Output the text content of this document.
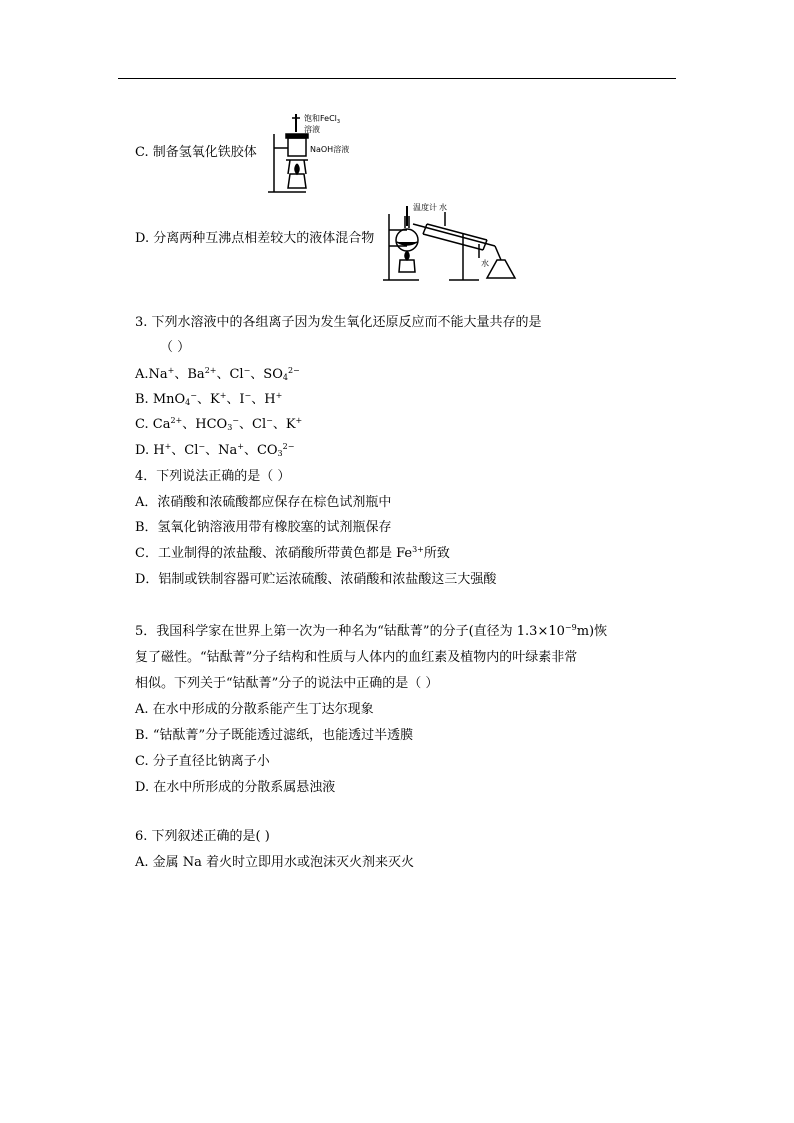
C. 制备氢氧化铁胶体
饱和FeCl$_3$
溶液
NaOH溶液
D. 分离两种互沸点相差较大的液体混合物
温度计 水
水
3. 下列水溶液中的各组离子因为发生氧化还原反应而不能大量共存的是
（ ）
A.Na+、$Ba^{2+}$、Cl−、$SO_4^{2-}$
B. MnO$_4$−、K+、I−、H+
C. $Ca^{2+}$、$HCO_3^-$、Cl−、K+
D. H+、Cl−、Na+、$CO_3^{2-}$
4．下列说法正确的是（ ）
A．浓硝酸和浓硫酸都应保存在棕色试剂瓶中
B．氢氧化钠溶液用带有橡胶塞的试剂瓶保存
C．工业制得的浓盐酸、浓硝酸所带黄色都是 $Fe^{3+}$所致
D．铝制或铁制容器可贮运浓硫酸、浓硝酸和浓盐酸这三大强酸
5．我国科学家在世界上第一次为一种名为“钴酞菁”的分子(直径为 $1.3\times 10^{-9}m$)恢
复了磁性。“钴酞菁”分子结构和性质与人体内的血红素及植物内的叶绿素非常
相似。下列关于“钴酞菁”分子的说法中正确的是（ ）
A. 在水中形成的分散系能产生丁达尔现象
B. “钴酞菁”分子既能透过滤纸，也能透过半透膜
C. 分子直径比钠离子小
D. 在水中所形成的分散系属悬浊液
6. 下列叙述正确的是( )
A. 金属 Na 着火时立即用水或泡沫灭火剂来灭火
